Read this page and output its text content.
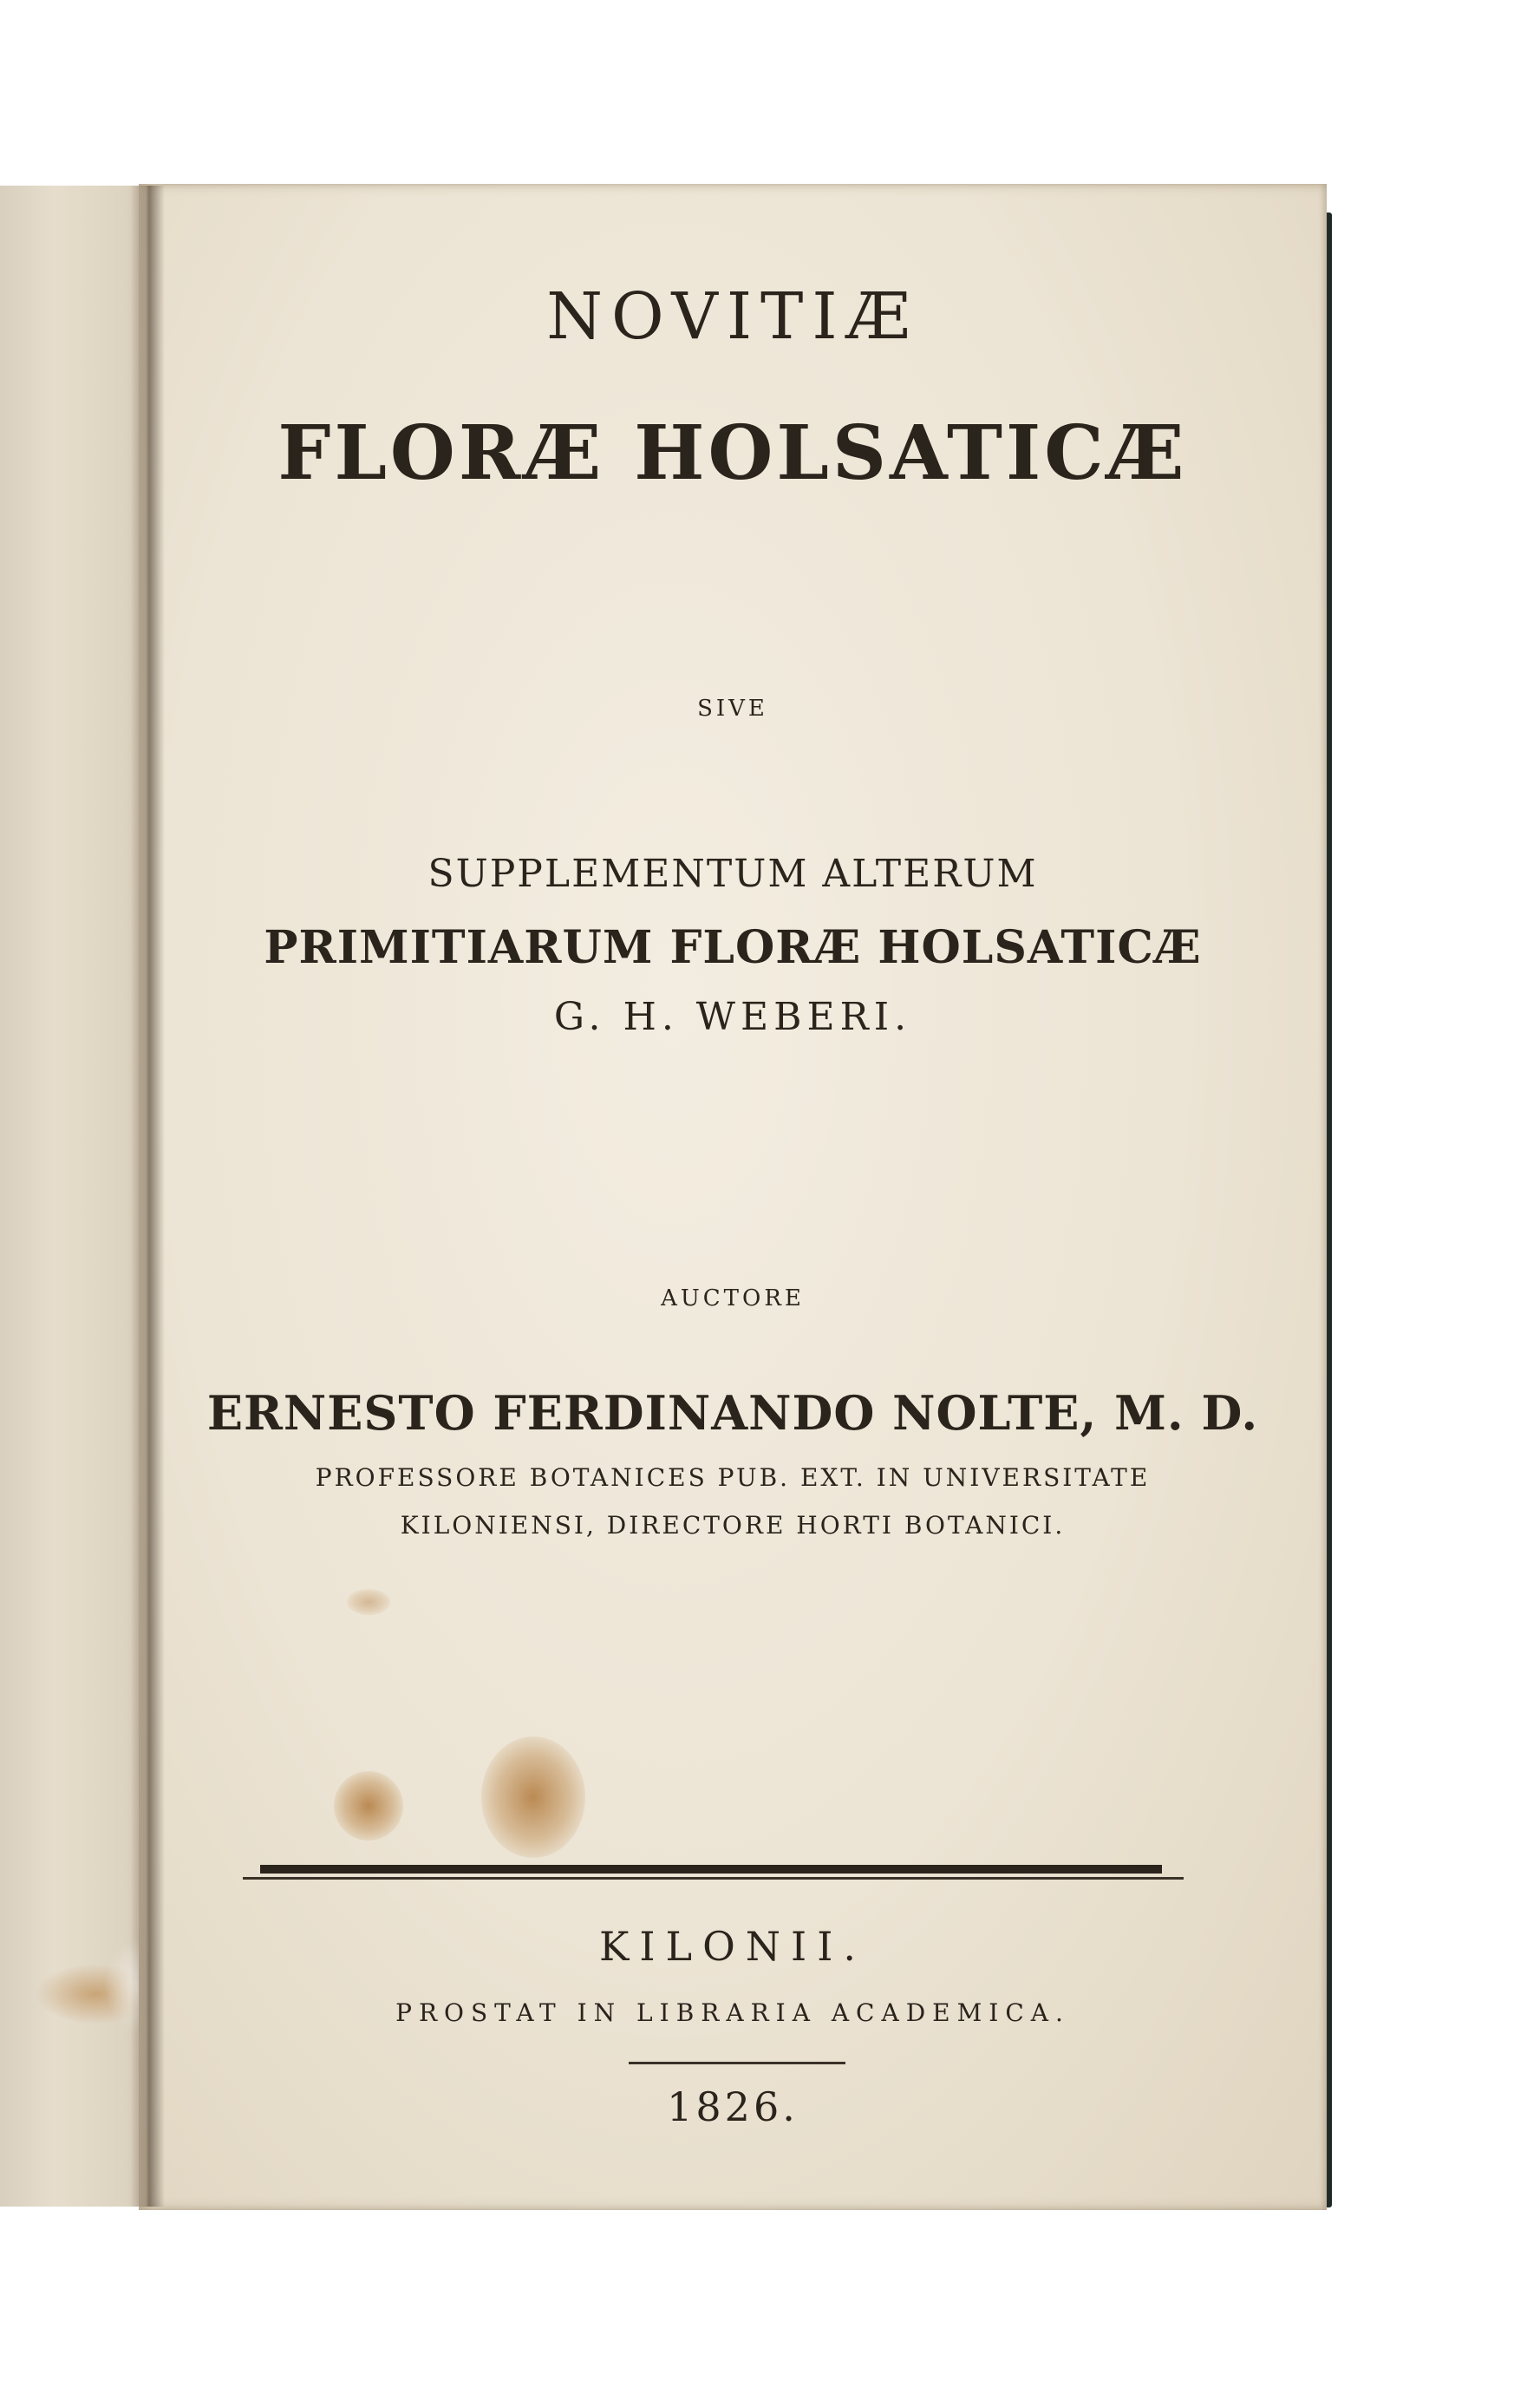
NOVITIÆ
FLORÆ HOLSATICÆ
SIVE
SUPPLEMENTUM ALTERUM
PRIMITIARUM FLORÆ HOLSATICÆ
G. H. WEBERI.
AUCTORE
ERNESTO FERDINANDO NOLTE, M. D.
PROFESSORE BOTANICES PUB. EXT. IN UNIVERSITATE
KILONIENSI, DIRECTORE HORTI BOTANICI.
KILONII.
PROSTAT IN LIBRARIA ACADEMICA.
1826.
